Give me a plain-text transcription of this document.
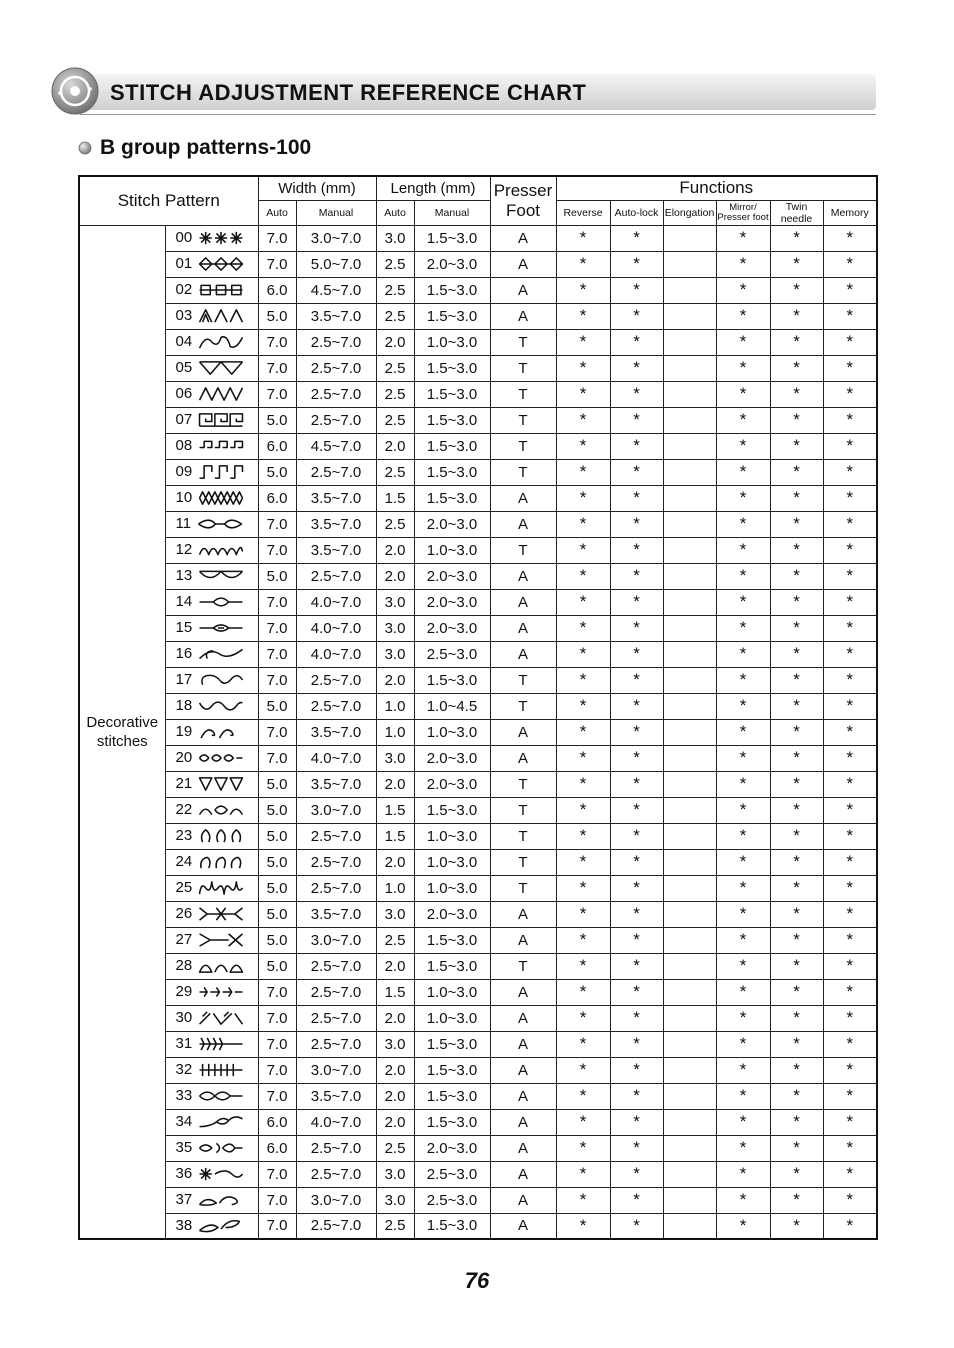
STITCH ADJUSTMENT REFERENCE CHART
B group patterns-100
Stitch Pattern		Width (mm)		Length (mm)		Presser
Foot	Functions					
		Auto	Manual	Auto	Manual		Reverse	Auto-lock	Elongation	Mirror/
Presser foot	Twin needle	Memory
Decorative
stitches	00	7.0	3.0~7.0	3.0	1.5~3.0	A	*	*		*	*	*
	01	7.0	5.0~7.0	2.5	2.0~3.0	A	*	*		*	*	*
	02	6.0	4.5~7.0	2.5	1.5~3.0	A	*	*		*	*	*
	03	5.0	3.5~7.0	2.5	1.5~3.0	A	*	*		*	*	*
	04	7.0	2.5~7.0	2.0	1.0~3.0	T	*	*		*	*	*
	05	7.0	2.5~7.0	2.5	1.5~3.0	T	*	*		*	*	*
	06	7.0	2.5~7.0	2.5	1.5~3.0	T	*	*		*	*	*
	07	5.0	2.5~7.0	2.5	1.5~3.0	T	*	*		*	*	*
	08	6.0	4.5~7.0	2.0	1.5~3.0	T	*	*		*	*	*
	09	5.0	2.5~7.0	2.5	1.5~3.0	T	*	*		*	*	*
	10	6.0	3.5~7.0	1.5	1.5~3.0	A	*	*		*	*	*
	11	7.0	3.5~7.0	2.5	2.0~3.0	A	*	*		*	*	*
	12	7.0	3.5~7.0	2.0	1.0~3.0	T	*	*		*	*	*
	13	5.0	2.5~7.0	2.0	2.0~3.0	A	*	*		*	*	*
	14	7.0	4.0~7.0	3.0	2.0~3.0	A	*	*		*	*	*
	15	7.0	4.0~7.0	3.0	2.0~3.0	A	*	*		*	*	*
	16	7.0	4.0~7.0	3.0	2.5~3.0	A	*	*		*	*	*
	17	7.0	2.5~7.0	2.0	1.5~3.0	T	*	*		*	*	*
	18	5.0	2.5~7.0	1.0	1.0~4.5	T	*	*		*	*	*
	19	7.0	3.5~7.0	1.0	1.0~3.0	A	*	*		*	*	*
	20	7.0	4.0~7.0	3.0	2.0~3.0	A	*	*		*	*	*
	21	5.0	3.5~7.0	2.0	2.0~3.0	T	*	*		*	*	*
	22	5.0	3.0~7.0	1.5	1.5~3.0	T	*	*		*	*	*
	23	5.0	2.5~7.0	1.5	1.0~3.0	T	*	*		*	*	*
	24	5.0	2.5~7.0	2.0	1.0~3.0	T	*	*		*	*	*
	25	5.0	2.5~7.0	1.0	1.0~3.0	T	*	*		*	*	*
	26	5.0	3.5~7.0	3.0	2.0~3.0	A	*	*		*	*	*
	27	5.0	3.0~7.0	2.5	1.5~3.0	A	*	*		*	*	*
	28	5.0	2.5~7.0	2.0	1.5~3.0	T	*	*		*	*	*
	29	7.0	2.5~7.0	1.5	1.0~3.0	A	*	*		*	*	*
	30	7.0	2.5~7.0	2.0	1.0~3.0	A	*	*		*	*	*
	31	7.0	2.5~7.0	3.0	1.5~3.0	A	*	*		*	*	*
	32	7.0	3.0~7.0	2.0	1.5~3.0	A	*	*		*	*	*
	33	7.0	3.5~7.0	2.0	1.5~3.0	A	*	*		*	*	*
	34	6.0	4.0~7.0	2.0	1.5~3.0	A	*	*		*	*	*
	35	6.0	2.5~7.0	2.5	2.0~3.0	A	*	*		*	*	*
	36	7.0	2.5~7.0	3.0	2.5~3.0	A	*	*		*	*	*
	37	7.0	3.0~7.0	3.0	2.5~3.0	A	*	*		*	*	*
	38	7.0	2.5~7.0	2.5	1.5~3.0	A	*	*		*	*	*
76
